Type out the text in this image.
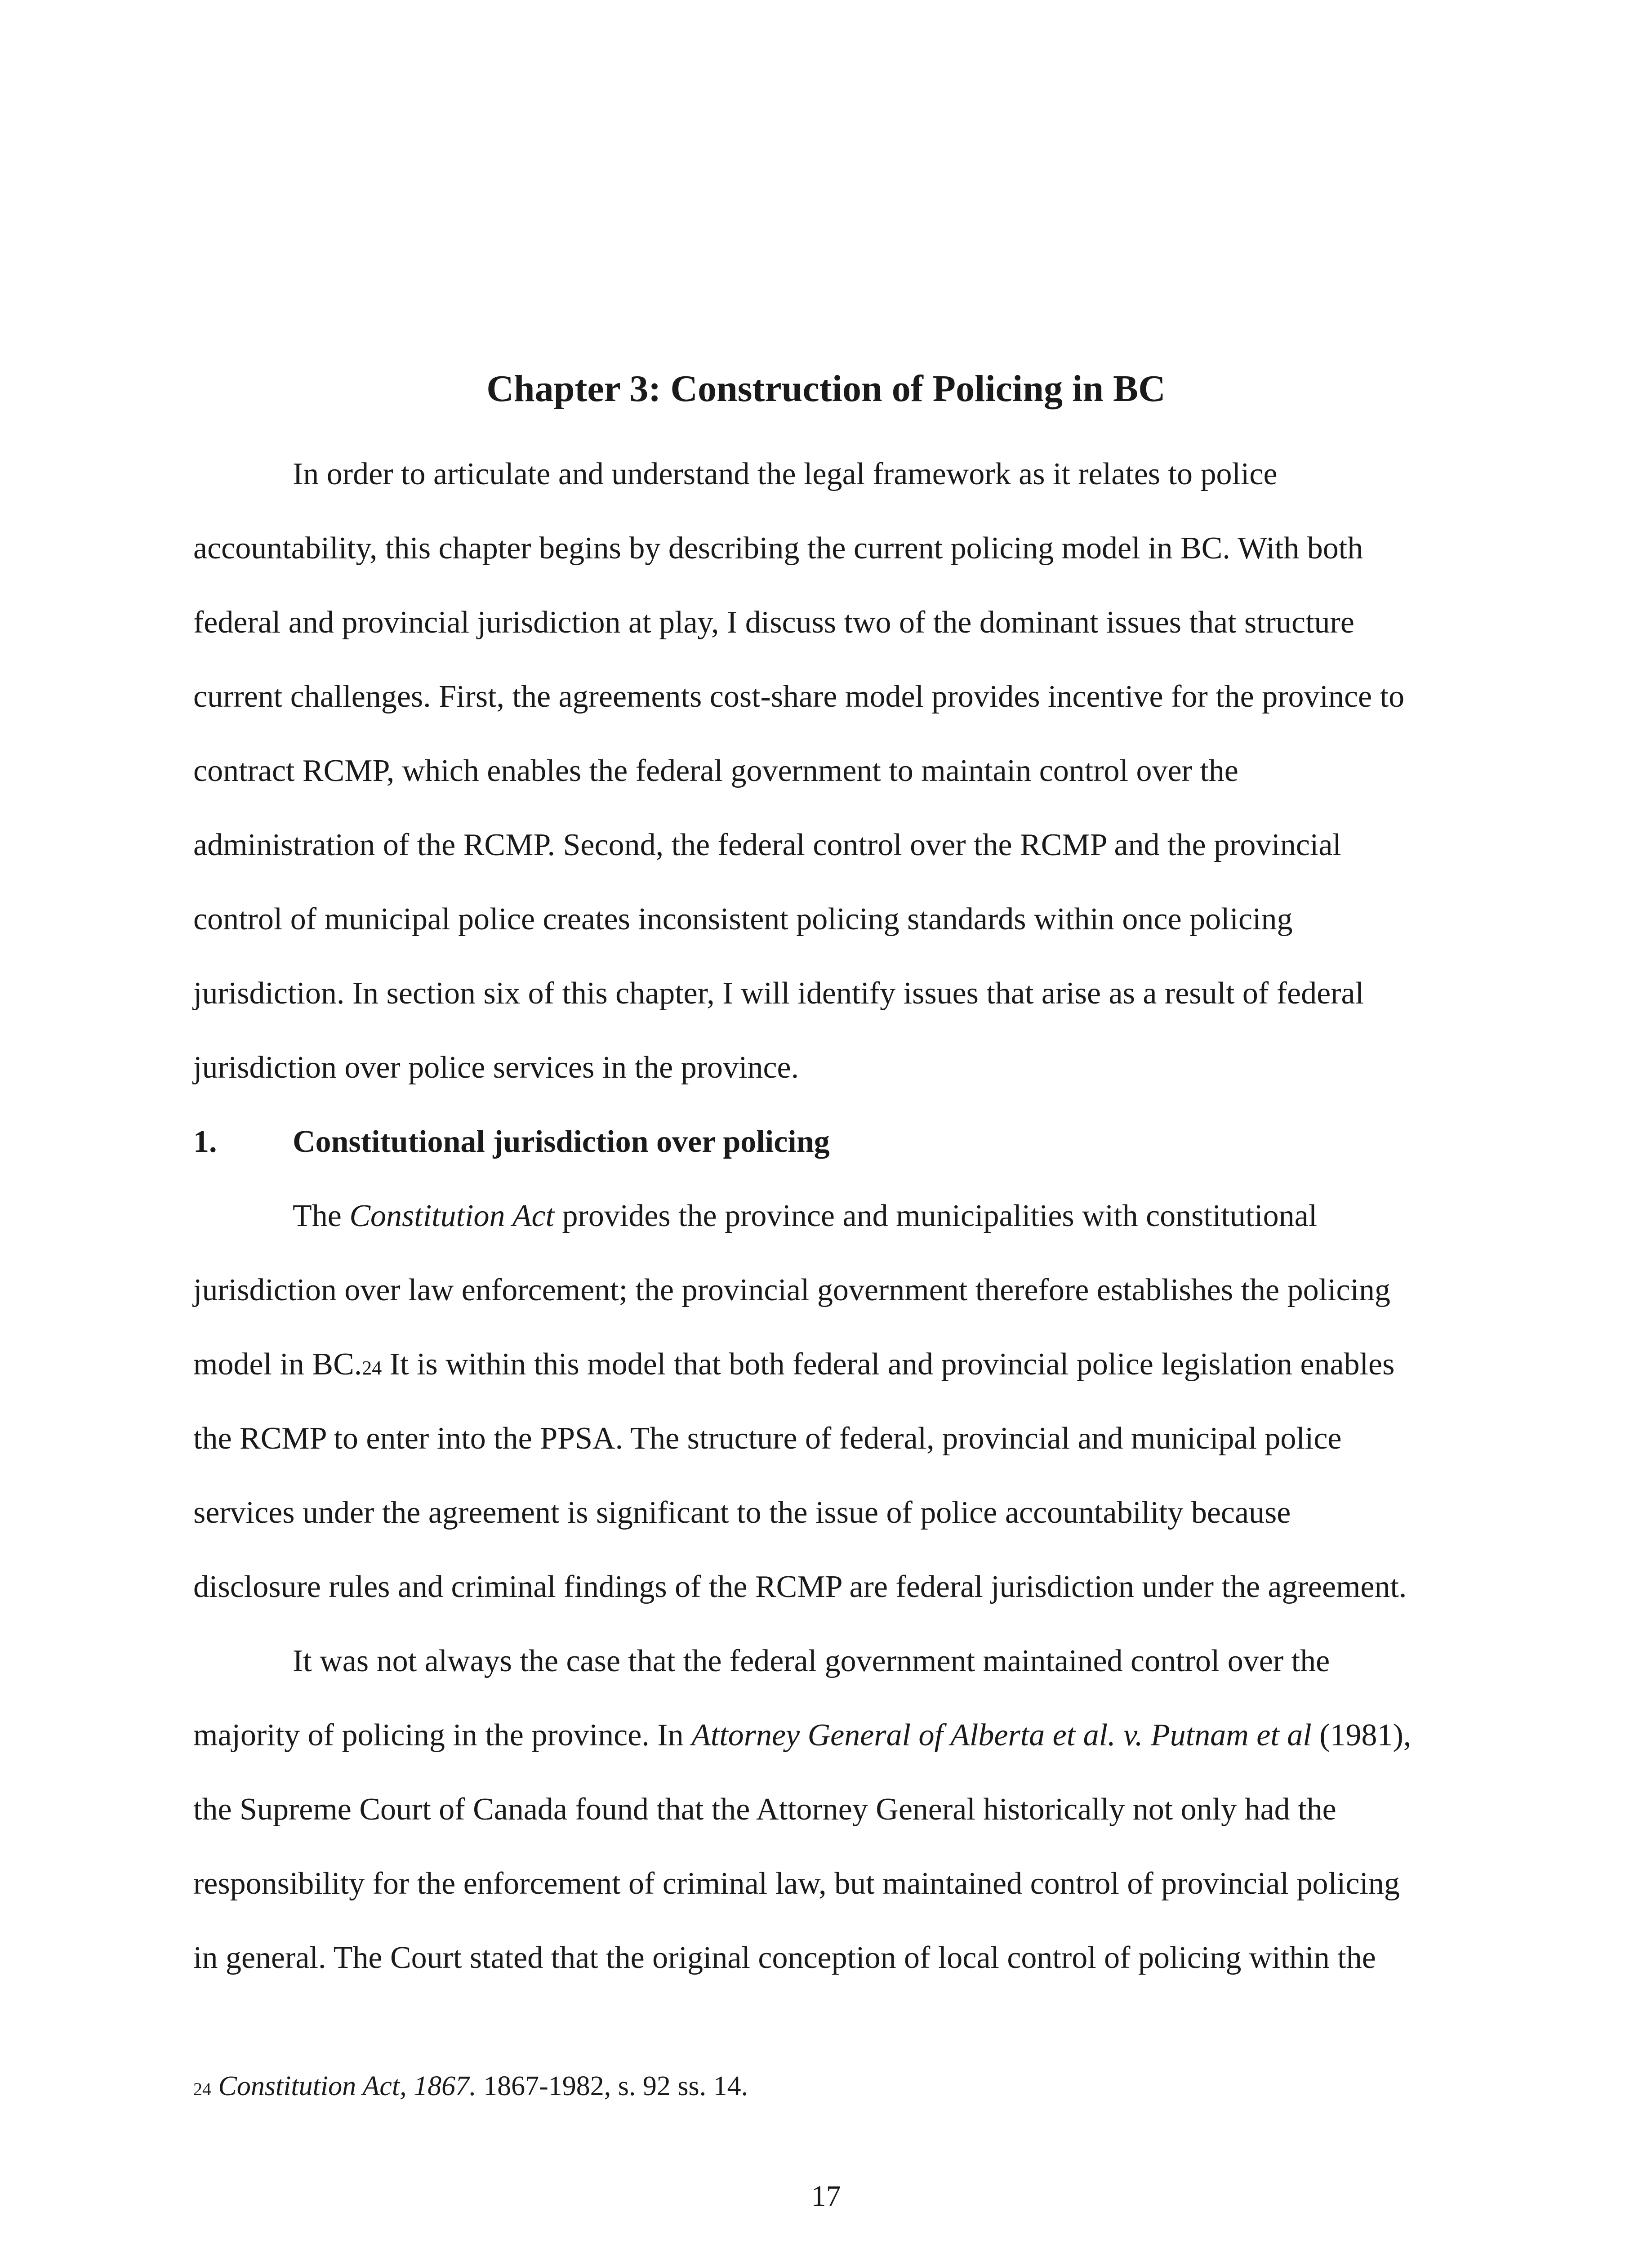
Chapter 3: Construction of Policing in BC
In order to articulate and understand the legal framework as it relates to police
accountability, this chapter begins by describing the current policing model in BC. With both
federal and provincial jurisdiction at play, I discuss two of the dominant issues that structure
current challenges. First, the agreements cost-share model provides incentive for the province to
contract RCMP, which enables the federal government to maintain control over the
administration of the RCMP. Second, the federal control over the RCMP and the provincial
control of municipal police creates inconsistent policing standards within once policing
jurisdiction. In section six of this chapter, I will identify issues that arise as a result of federal
jurisdiction over police services in the province.
1. Constitutional jurisdiction over policing
The Constitution Act provides the province and municipalities with constitutional
jurisdiction over law enforcement; the provincial government therefore establishes the policing
model in BC.24 It is within this model that both federal and provincial police legislation enables
the RCMP to enter into the PPSA. The structure of federal, provincial and municipal police
services under the agreement is significant to the issue of police accountability because
disclosure rules and criminal findings of the RCMP are federal jurisdiction under the agreement.
It was not always the case that the federal government maintained control over the
majority of policing in the province. In Attorney General of Alberta et al. v. Putnam et al (1981),
the Supreme Court of Canada found that the Attorney General historically not only had the
responsibility for the enforcement of criminal law, but maintained control of provincial policing
in general. The Court stated that the original conception of local control of policing within the
24 Constitution Act, 1867. 1867-1982, s. 92 ss. 14.
17
